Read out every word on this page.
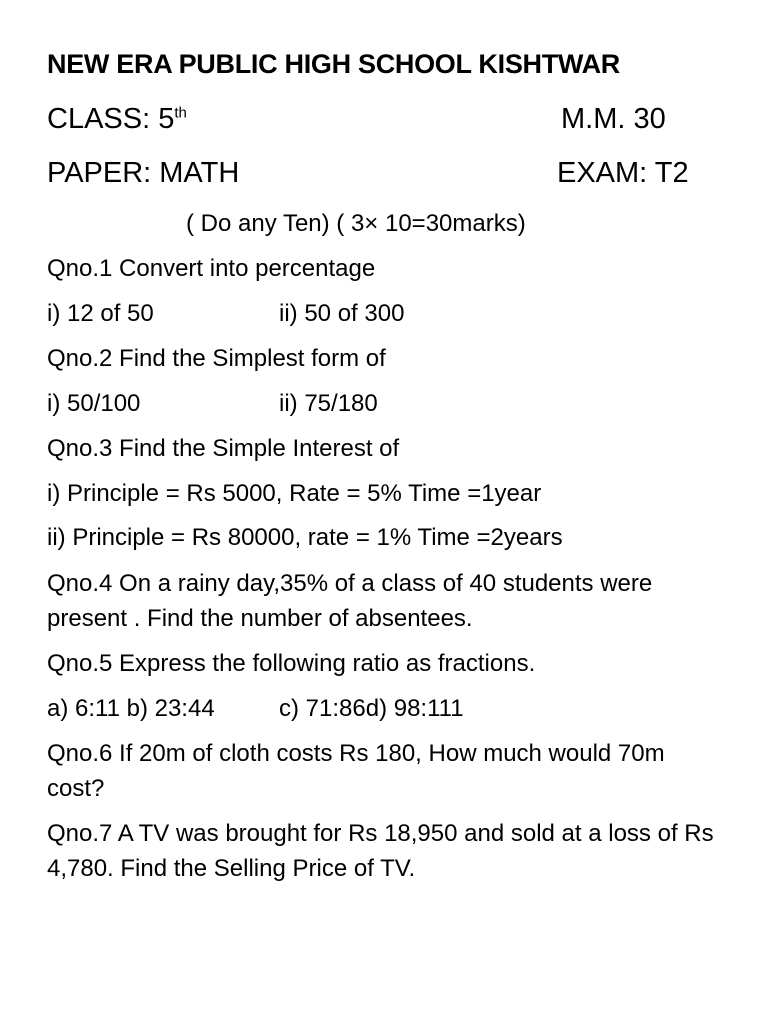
NEW ERA PUBLIC HIGH SCHOOL KISHTWAR
CLASS: 5th	M.M. 30
PAPER: MATH	EXAM: T2
( Do any Ten) ( 3× 10=30marks)
Qno.1 Convert into percentage
i) 12 of 50	ii) 50 of 300
Qno.2 Find the Simplest form of
i) 50/100	ii) 75/180
Qno.3 Find the Simple Interest of
i) Principle = Rs 5000, Rate = 5% Time =1year
ii) Principle = Rs 80000, rate = 1% Time =2years
Qno.4 On a rainy day,35% of a class of 40 students were present . Find the number of absentees.
Qno.5 Express the following ratio as fractions.
a) 6:11 b) 23:44	c) 71:86d) 98:111
Qno.6 If 20m of cloth costs Rs 180, How much would 70m cost?
Qno.7 A TV was brought for Rs 18,950 and sold at a loss of Rs 4,780. Find the Selling Price of TV.
